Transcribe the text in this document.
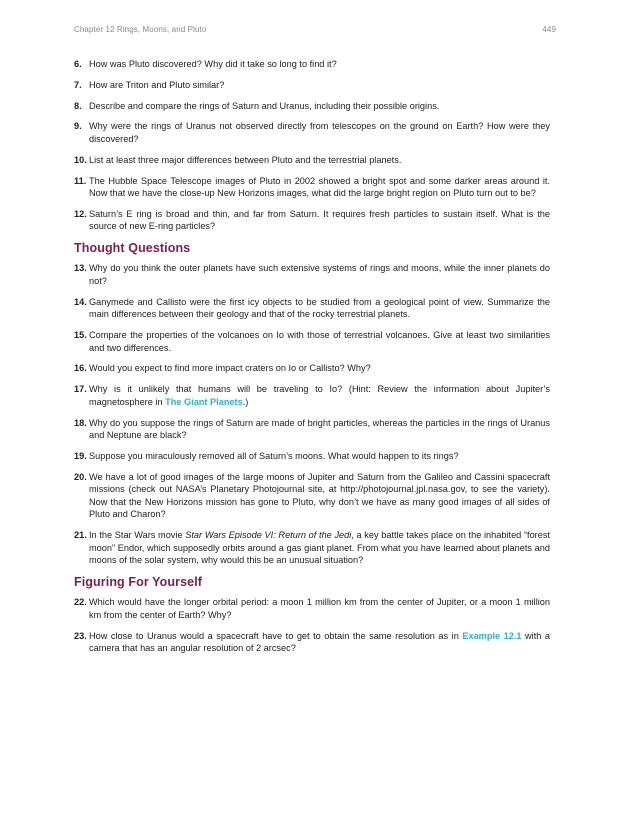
Chapter 12 Rings, Moons, and Pluto	449
6. How was Pluto discovered? Why did it take so long to find it?
7. How are Triton and Pluto similar?
8. Describe and compare the rings of Saturn and Uranus, including their possible origins.
9. Why were the rings of Uranus not observed directly from telescopes on the ground on Earth? How were they discovered?
10. List at least three major differences between Pluto and the terrestrial planets.
11. The Hubble Space Telescope images of Pluto in 2002 showed a bright spot and some darker areas around it. Now that we have the close-up New Horizons images, what did the large bright region on Pluto turn out to be?
12. Saturn’s E ring is broad and thin, and far from Saturn. It requires fresh particles to sustain itself. What is the source of new E-ring particles?
Thought Questions
13. Why do you think the outer planets have such extensive systems of rings and moons, while the inner planets do not?
14. Ganymede and Callisto were the first icy objects to be studied from a geological point of view. Summarize the main differences between their geology and that of the rocky terrestrial planets.
15. Compare the properties of the volcanoes on Io with those of terrestrial volcanoes. Give at least two similarities and two differences.
16. Would you expect to find more impact craters on Io or Callisto? Why?
17. Why is it unlikely that humans will be traveling to Io? (Hint: Review the information about Jupiter’s magnetosphere in The Giant Planets.)
18. Why do you suppose the rings of Saturn are made of bright particles, whereas the particles in the rings of Uranus and Neptune are black?
19. Suppose you miraculously removed all of Saturn’s moons. What would happen to its rings?
20. We have a lot of good images of the large moons of Jupiter and Saturn from the Galileo and Cassini spacecraft missions (check out NASA’s Planetary Photojournal site, at http://photojournal.jpl.nasa.gov, to see the variety). Now that the New Horizons mission has gone to Pluto, why don’t we have as many good images of all sides of Pluto and Charon?
21. In the Star Wars movie Star Wars Episode VI: Return of the Jedi, a key battle takes place on the inhabited “forest moon” Endor, which supposedly orbits around a gas giant planet. From what you have learned about planets and moons of the solar system, why would this be an unusual situation?
Figuring For Yourself
22. Which would have the longer orbital period: a moon 1 million km from the center of Jupiter, or a moon 1 million km from the center of Earth? Why?
23. How close to Uranus would a spacecraft have to get to obtain the same resolution as in Example 12.1 with a camera that has an angular resolution of 2 arcsec?
